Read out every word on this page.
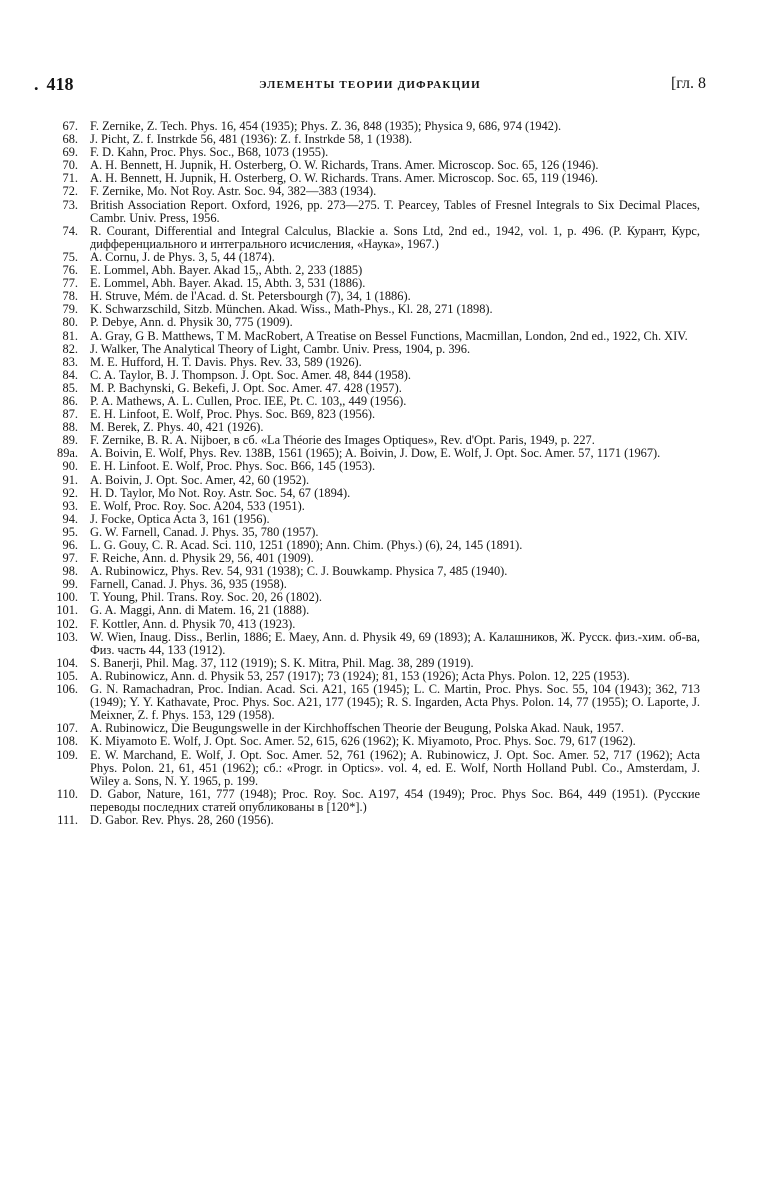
. 418	ЭЛЕМЕНТЫ ТЕОРИИ ДИФРАКЦИИ	[гл. 8
67. F. Zernike, Z. Tech. Phys. 16, 454 (1935); Phys. Z. 36, 848 (1935); Physica 9, 686, 974 (1942).
68. J. Picht, Z. f. Instrkde 56, 481 (1936): Z. f. Instrkde 58, 1 (1938).
69. F. D. Kahn, Proc. Phys. Soc., B68, 1073 (1955).
70. A. H. Bennett, H. Jupnik, H. Osterberg, O. W. Richards, Trans. Amer. Microscop. Soc. 65, 126 (1946).
71. A. H. Bennett, H. Jupnik, H. Osterberg, O. W. Richards. Trans. Amer. Microscop. Soc. 65, 119 (1946).
72. F. Zernike, Mo. Not Roy. Astr. Soc. 94, 382—383 (1934).
73. British Association Report. Oxford, 1926, pp. 273—275. T. Pearcey, Tables of Fresnel Integrals to Six Decimal Places, Cambr. Univ. Press, 1956.
74. R. Courant, Differential and Integral Calculus, Blackie a. Sons Ltd, 2nd ed., 1942, vol. 1, p. 496. (P. Курант, Курс, дифференциального и интегрального исчисления, «Наука», 1967.)
75. A. Cornu, J. de Phys. 3, 5, 44 (1874).
76. E. Lommel, Abh. Bayer. Akad 15,, Abth. 2, 233 (1885)
77. E. Lommel, Abh. Bayer. Akad. 15, Abth. 3, 531 (1886).
78. H. Struve, Mém. de l'Acad. d. St. Petersbourgh (7), 34, 1 (1886).
79. K. Schwarzschild, Sitzb. München. Akad. Wiss., Math-Phys., Kl. 28, 271 (1898).
80. P. Debye, Ann. d. Physik 30, 775 (1909).
81. A. Gray, G B. Matthews, T M. MacRobert, A Treatise on Bessel Functions, Macmillan, London, 2nd ed., 1922, Ch. XIV.
82. J. Walker, The Analytical Theory of Light, Cambr. Univ. Press, 1904, p. 396.
83. M. E. Hufford, H. T. Davis. Phys. Rev. 33, 589 (1926).
84. C. A. Taylor, B. J. Thompson. J. Opt. Soc. Amer. 48, 844 (1958).
85. M. P. Bachynski, G. Bekefi, J. Opt. Soc. Amer. 47. 428 (1957).
86. P. A. Mathews, A. L. Cullen, Proc. IEE, Pt. C. 103,, 449 (1956).
87. E. H. Linfoot, E. Wolf, Proc. Phys. Soc. B69, 823 (1956).
88. M. Berek, Z. Phys. 40, 421 (1926).
89. F. Zernike, B. R. A. Nijboer, в сб. «La Théorie des Images Optiques», Rev. d'Opt. Paris, 1949, p. 227.
89a. A. Boivin, E. Wolf, Phys. Rev. 138B, 1561 (1965); A. Boivin, J. Dow, E. Wolf, J. Opt. Soc. Amer. 57, 1171 (1967).
90. E. H. Linfoot. E. Wolf, Proc. Phys. Soc. B66, 145 (1953).
91. A. Boivin, J. Opt. Soc. Amer, 42, 60 (1952).
92. H. D. Taylor, Mo Not. Roy. Astr. Soc. 54, 67 (1894).
93. E. Wolf, Proc. Roy. Soc. A204, 533 (1951).
94. J. Focke, Optica Acta 3, 161 (1956).
95. G. W. Farnell, Canad. J. Phys. 35, 780 (1957).
96. L. G. Gouy, C. R. Acad. Sci. 110, 1251 (1890); Ann. Chim. (Phys.) (6), 24, 145 (1891).
97. F. Reiche, Ann. d. Physik 29, 56, 401 (1909).
98. A. Rubinowicz, Phys. Rev. 54, 931 (1938); C. J. Bouwkamp. Physica 7, 485 (1940).
99. Farnell, Canad. J. Phys. 36, 935 (1958).
100. T. Young, Phil. Trans. Roy. Soc. 20, 26 (1802).
101. G. A. Maggi, Ann. di Matem. 16, 21 (1888).
102. F. Kottler, Ann. d. Physik 70, 413 (1923).
103. W. Wien, Inaug. Diss., Berlin, 1886; E. Maey, Ann. d. Physik 49, 69 (1893); A. Калашников, Ж. Русск. физ.-хим. об-ва, Физ. часть 44, 133 (1912).
104. S. Banerji, Phil. Mag. 37, 112 (1919); S. K. Mitra, Phil. Mag. 38, 289 (1919).
105. A. Rubinowicz, Ann. d. Physik 53, 257 (1917); 73 (1924); 81, 153 (1926); Acta Phys. Polon. 12, 225 (1953).
106. G. N. Ramachadran, Proc. Indian. Acad. Sci. A21, 165 (1945); L. C. Martin, Proc. Phys. Soc. 55, 104 (1943); 362, 713 (1949); Y. Y. Kathavate, Proc. Phys. Soc. A21, 177 (1945); R. S. Ingarden, Acta Phys. Polon. 14, 77 (1955); O. Laporte, J. Meixner, Z. f. Phys. 153, 129 (1958).
107. A. Rubinowicz, Die Beugungswelle in der Kirchhoffschen Theorie der Beugung, Polska Akad. Nauk, 1957.
108. K. Miyamoto E. Wolf, J. Opt. Soc. Amer. 52, 615, 626 (1962); K. Miyamoto, Proc. Phys. Soc. 79, 617 (1962).
109. E. W. Marchand, E. Wolf, J. Opt. Soc. Amer. 52, 761 (1962); A. Rubinowicz, J. Opt. Soc. Amer. 52, 717 (1962); Acta Phys. Polon. 21, 61, 451 (1962); сб.: «Progr. in Optics». vol. 4, ed. E. Wolf, North Holland Publ. Co., Amsterdam, J. Wiley a. Sons, N. Y. 1965, p. 199.
110. D. Gabor, Nature, 161, 777 (1948); Proc. Roy. Soc. A197, 454 (1949); Proc. Phys Soc. B64, 449 (1951). (Русские переводы последних статей опубликованы в [120*].)
111. D. Gabor. Rev. Phys. 28, 260 (1956).
